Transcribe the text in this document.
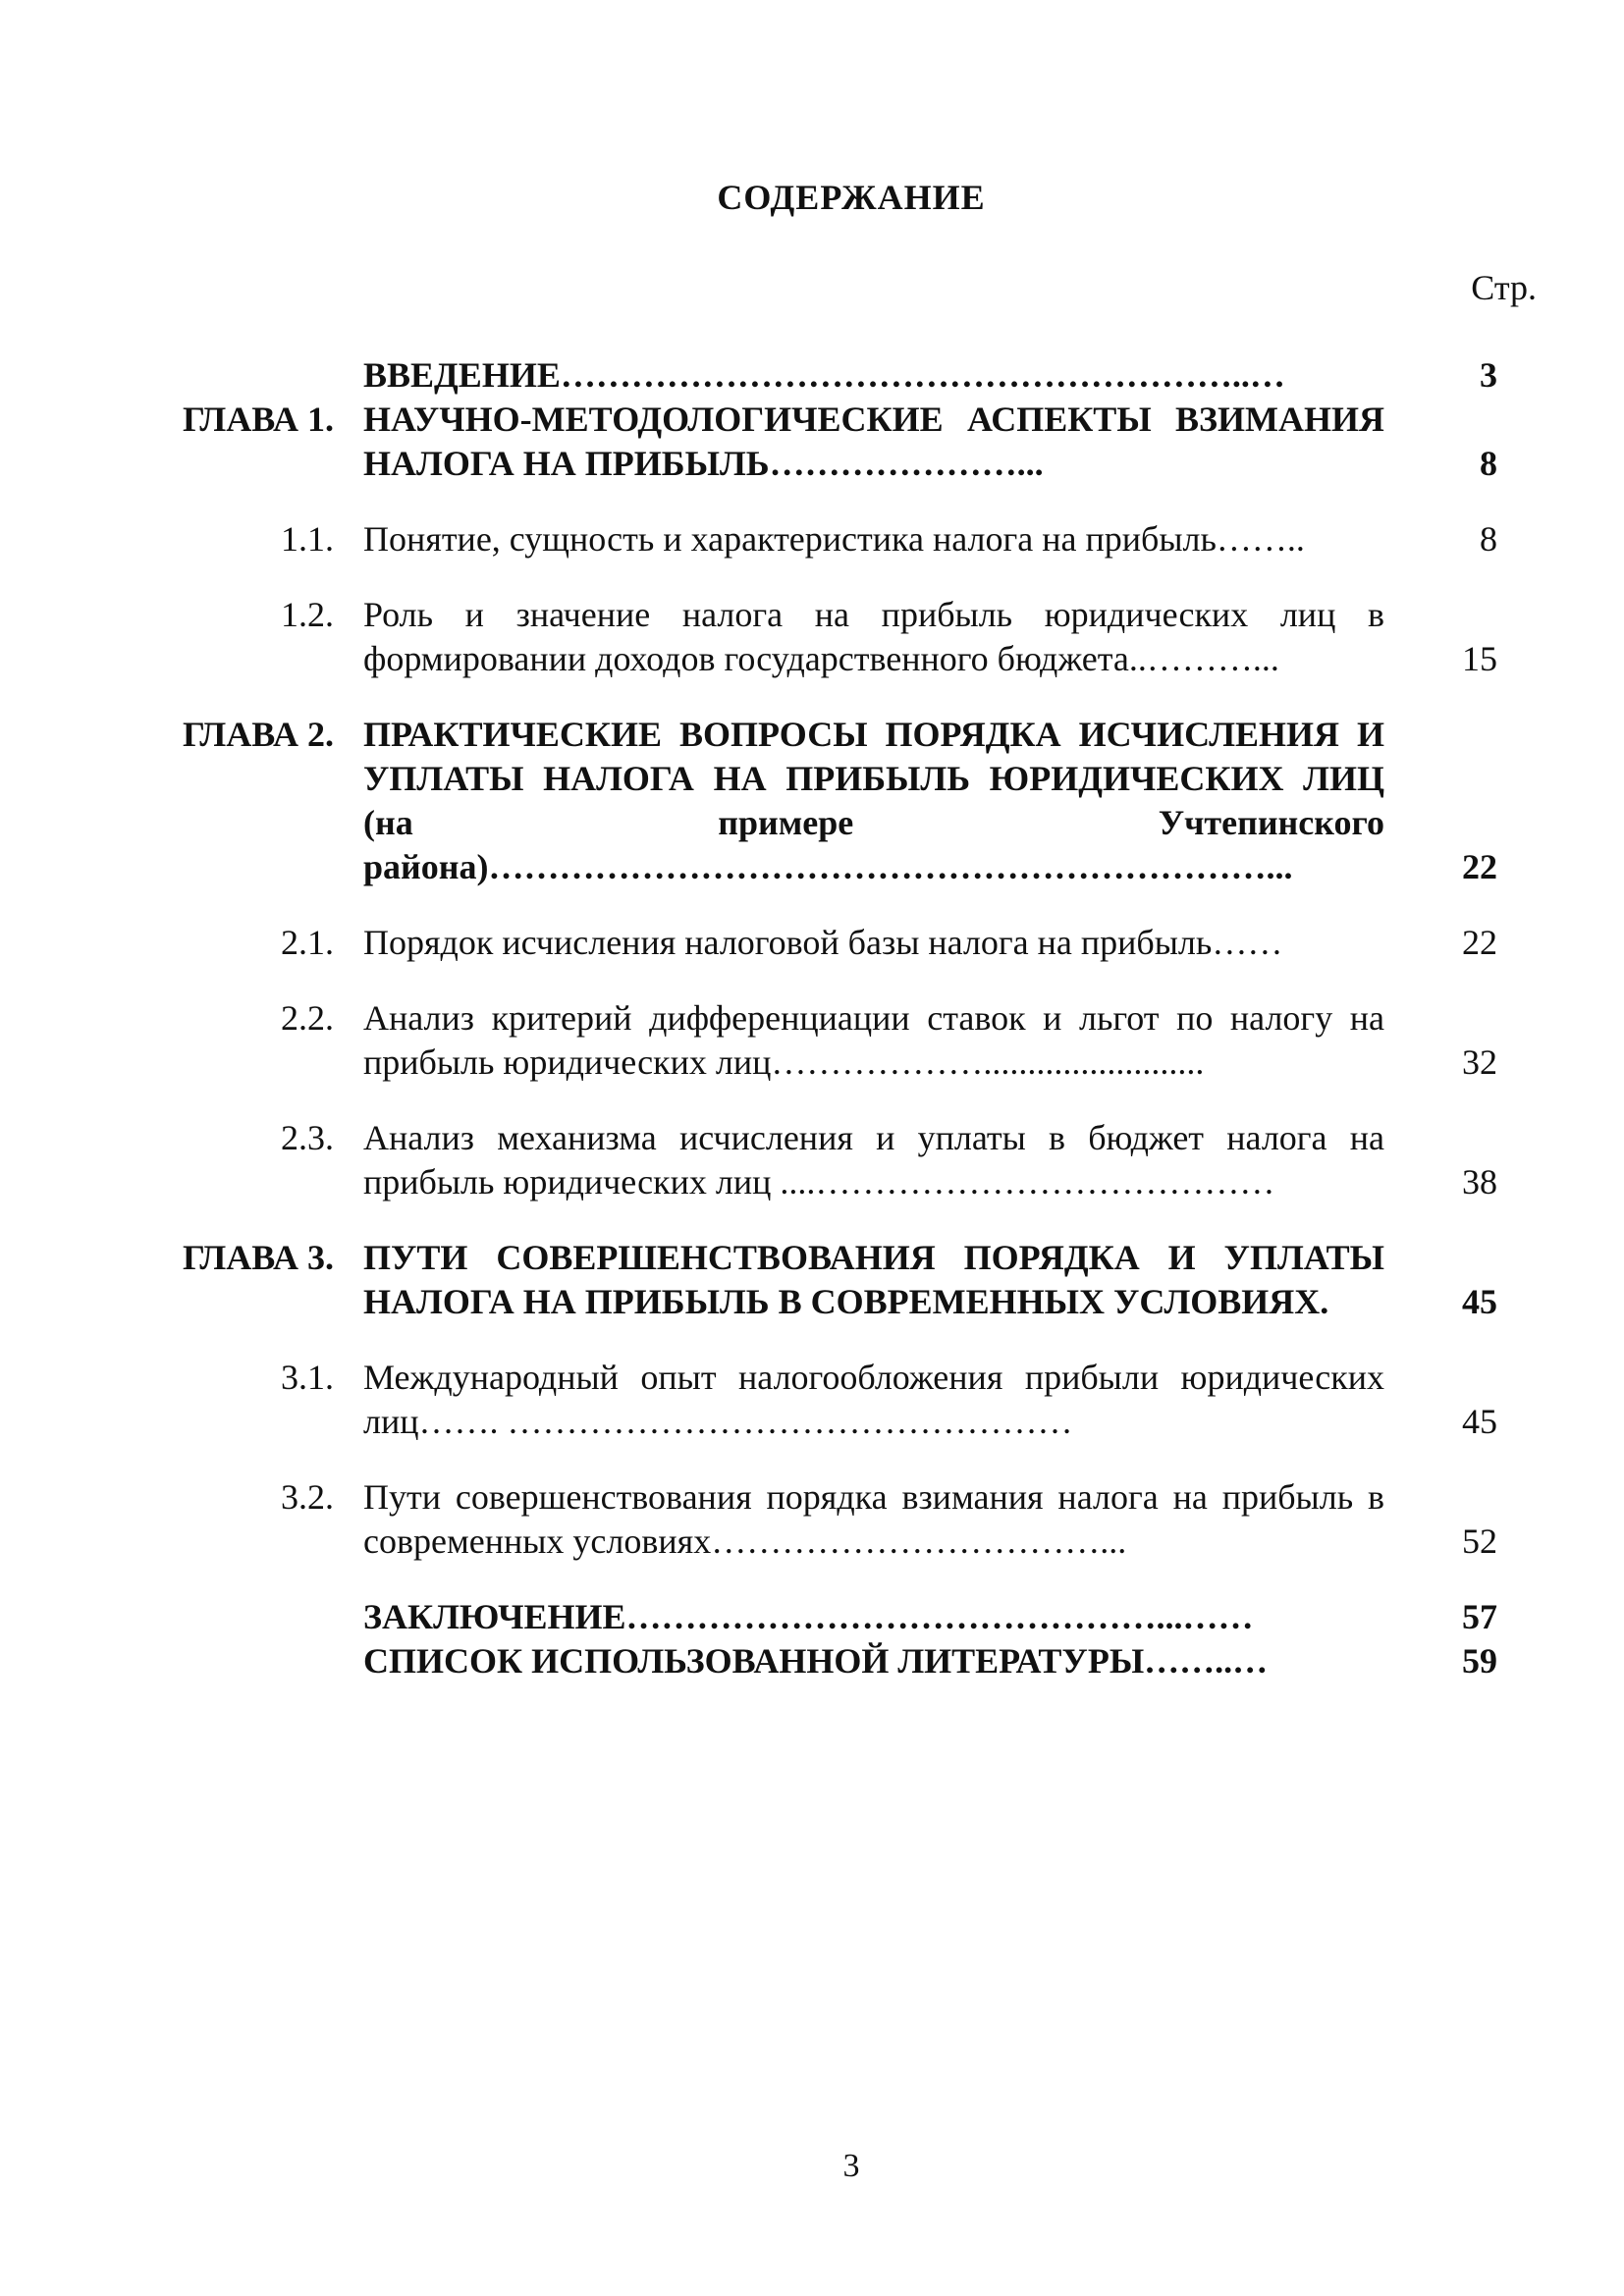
СОДЕРЖАНИЕ
Стр.
ВВЕДЕНИЕ…………………………………………………..…	3
ГЛАВА 1. НАУЧНО-МЕТОДОЛОГИЧЕСКИЕ АСПЕКТЫ ВЗИМАНИЯ НАЛОГА НА ПРИБЫЛЬ…………………...	8
1.1. Понятие, сущность и характеристика налога на прибыль……..	8
1.2. Роль и значение налога на прибыль юридических лиц в формировании доходов государственного бюджета..………...	15
ГЛАВА 2. ПРАКТИЧЕСКИЕ ВОПРОСЫ ПОРЯДКА ИСЧИСЛЕНИЯ И УПЛАТЫ НАЛОГА НА ПРИБЫЛЬ ЮРИДИЧЕСКИХ ЛИЦ (на примере Учтепинского района)…………………………………………………………...	22
2.1. Порядок исчисления налоговой базы налога на прибыль……	22
2.2. Анализ критерий дифференциации ставок и льгот по налогу на прибыль юридических лиц……………….........................	32
2.3. Анализ механизма исчисления и уплаты в бюджет налога на прибыль юридических лиц ....…………………………………	38
ГЛАВА 3. ПУТИ СОВЕРШЕНСТВОВАНИЯ ПОРЯДКА И УПЛАТЫ НАЛОГА НА ПРИБЫЛЬ В СОВРЕМЕННЫХ УСЛОВИЯХ.	45
3.1. Международный опыт налогообложения прибыли юридических лиц……. …………………………………………	45
3.2. Пути совершенствования порядка взимания налога на прибыль в современных условиях……………………………...	52
ЗАКЛЮЧЕНИЕ………………………………………...……	57
СПИСОК ИСПОЛЬЗОВАННОЙ ЛИТЕРАТУРЫ……..…	59
3
